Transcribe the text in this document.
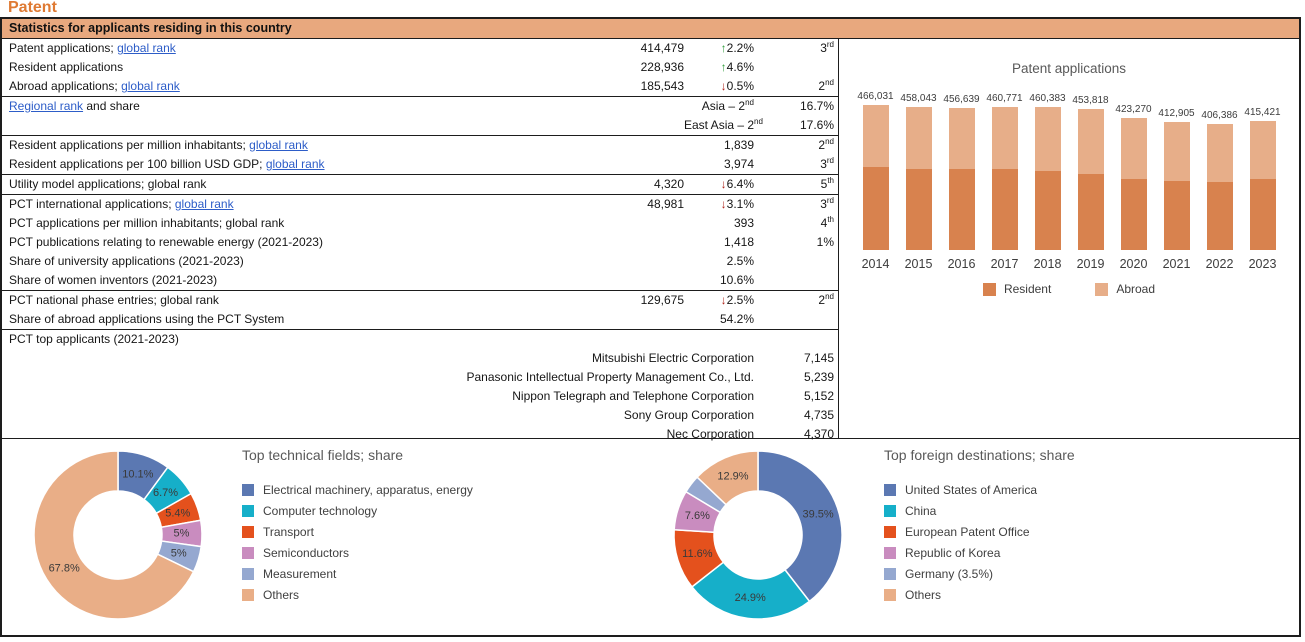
Patent
Statistics for applicants residing in this country
Patent applications; global rank	414,479	↑2.2%	3rd
Resident applications	228,936	↑4.6%	
Abroad applications; global rank	185,543	↓0.5%	2nd
Regional rank and share		Asia – 2nd	16.7%
		East Asia – 2nd	17.6%
Resident applications per million inhabitants; global rank		1,839	2nd
Resident applications per 100 billion USD GDP; global rank		3,974	3rd
Utility model applications; global rank	4,320	↓6.4%	5th
PCT international applications; global rank	48,981	↓3.1%	3rd
PCT applications per million inhabitants; global rank		393	4th
PCT publications relating to renewable energy (2021-2023)		1,418	1%
Share of university applications (2021-2023)		2.5%	
Share of women inventors (2021-2023)		10.6%	
PCT national phase entries; global rank	129,675	↓2.5%	2nd
Share of abroad applications using the PCT System		54.2%	
PCT top applicants (2021-2023)			
Mitsubishi Electric Corporation			7,145
Panasonic Intellectual Property Management Co., Ltd.			5,239
Nippon Telegraph and Telephone Corporation			5,152
Sony Group Corporation			4,735
Nec Corporation			4,370
Patent applications
466,031
2014
458,043
2015
456,639
2016
460,771
2017
460,383
2018
453,818
2019
423,270
2020
412,905
2021
406,386
2022
415,421
2023
Resident	Abroad
10.1%
6.7%
5.4%
5%
5%
67.8%
Top technical fields; share
Electrical machinery, apparatus, energy
Computer technology
Transport
Semiconductors
Measurement
Others
39.5%
24.9%
11.6%
7.6%
12.9%
Top foreign destinations; share
United States of America
China
European Patent Office
Republic of Korea
Germany (3.5%)
Others
